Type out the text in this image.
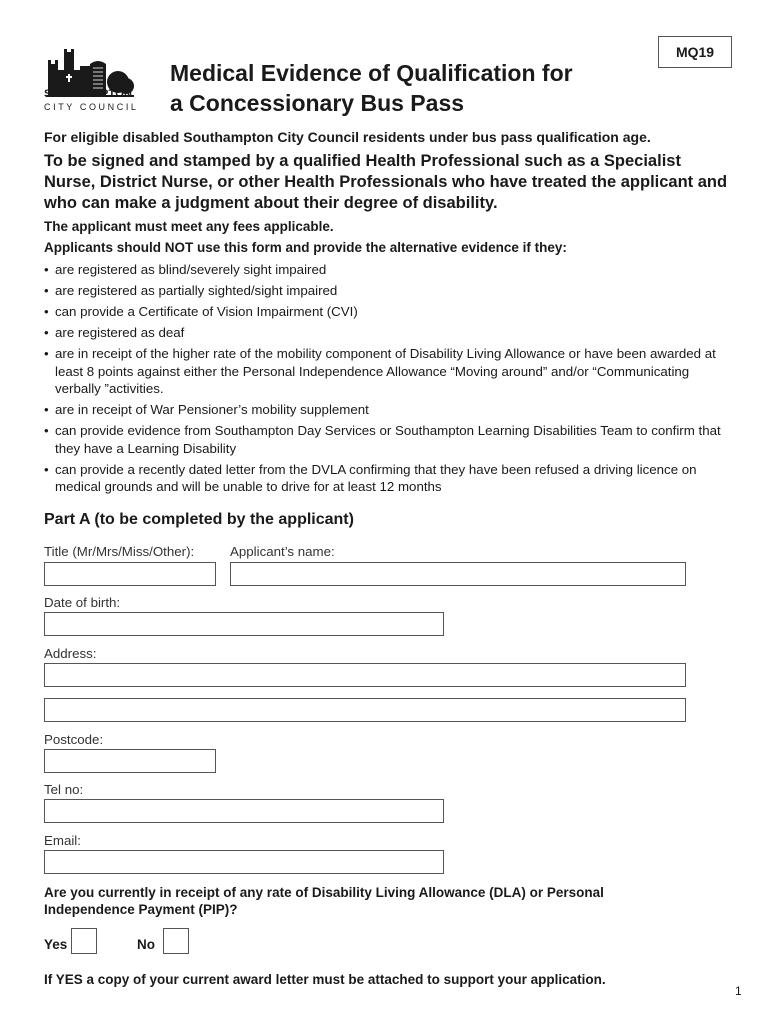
SOUTHAMPTON
CITY COUNCIL
MQ19
Medical Evidence of Qualification for
a Concessionary Bus Pass
For eligible disabled Southampton City Council residents under bus pass qualification age.
To be signed and stamped by a qualified Health Professional such as a Specialist Nurse, District Nurse, or other Health Professionals who have treated the applicant and who can make a judgment about their degree of disability.
The applicant must meet any fees applicable.
Applicants should NOT use this form and provide the alternative evidence if they:
• are registered as blind/severely sight impaired
• are registered as partially sighted/sight impaired
• can provide a Certificate of Vision Impairment (CVI)
• are registered as deaf
• are in receipt of the higher rate of the mobility component of Disability Living Allowance or have been awarded at least 8 points against either the Personal Independence Allowance “Moving around” and/or “Communicating verbally ”activities.
• are in receipt of War Pensioner’s mobility supplement
• can provide evidence from Southampton Day Services or Southampton Learning Disabilities Team to confirm that they have a Learning Disability
• can provide a recently dated letter from the DVLA confirming that they have been refused a driving licence on medical grounds and will be unable to drive for at least 12 months
Part A (to be completed by the applicant)
Title (Mr/Mrs/Miss/Other):	Applicant’s name:
Date of birth:
Address:
Postcode:
Tel no:
Email:
Are you currently in receipt of any rate of Disability Living Allowance (DLA) or Personal Independence Payment (PIP)?
Yes	No
If YES a copy of your current award letter must be attached to support your application.
1
